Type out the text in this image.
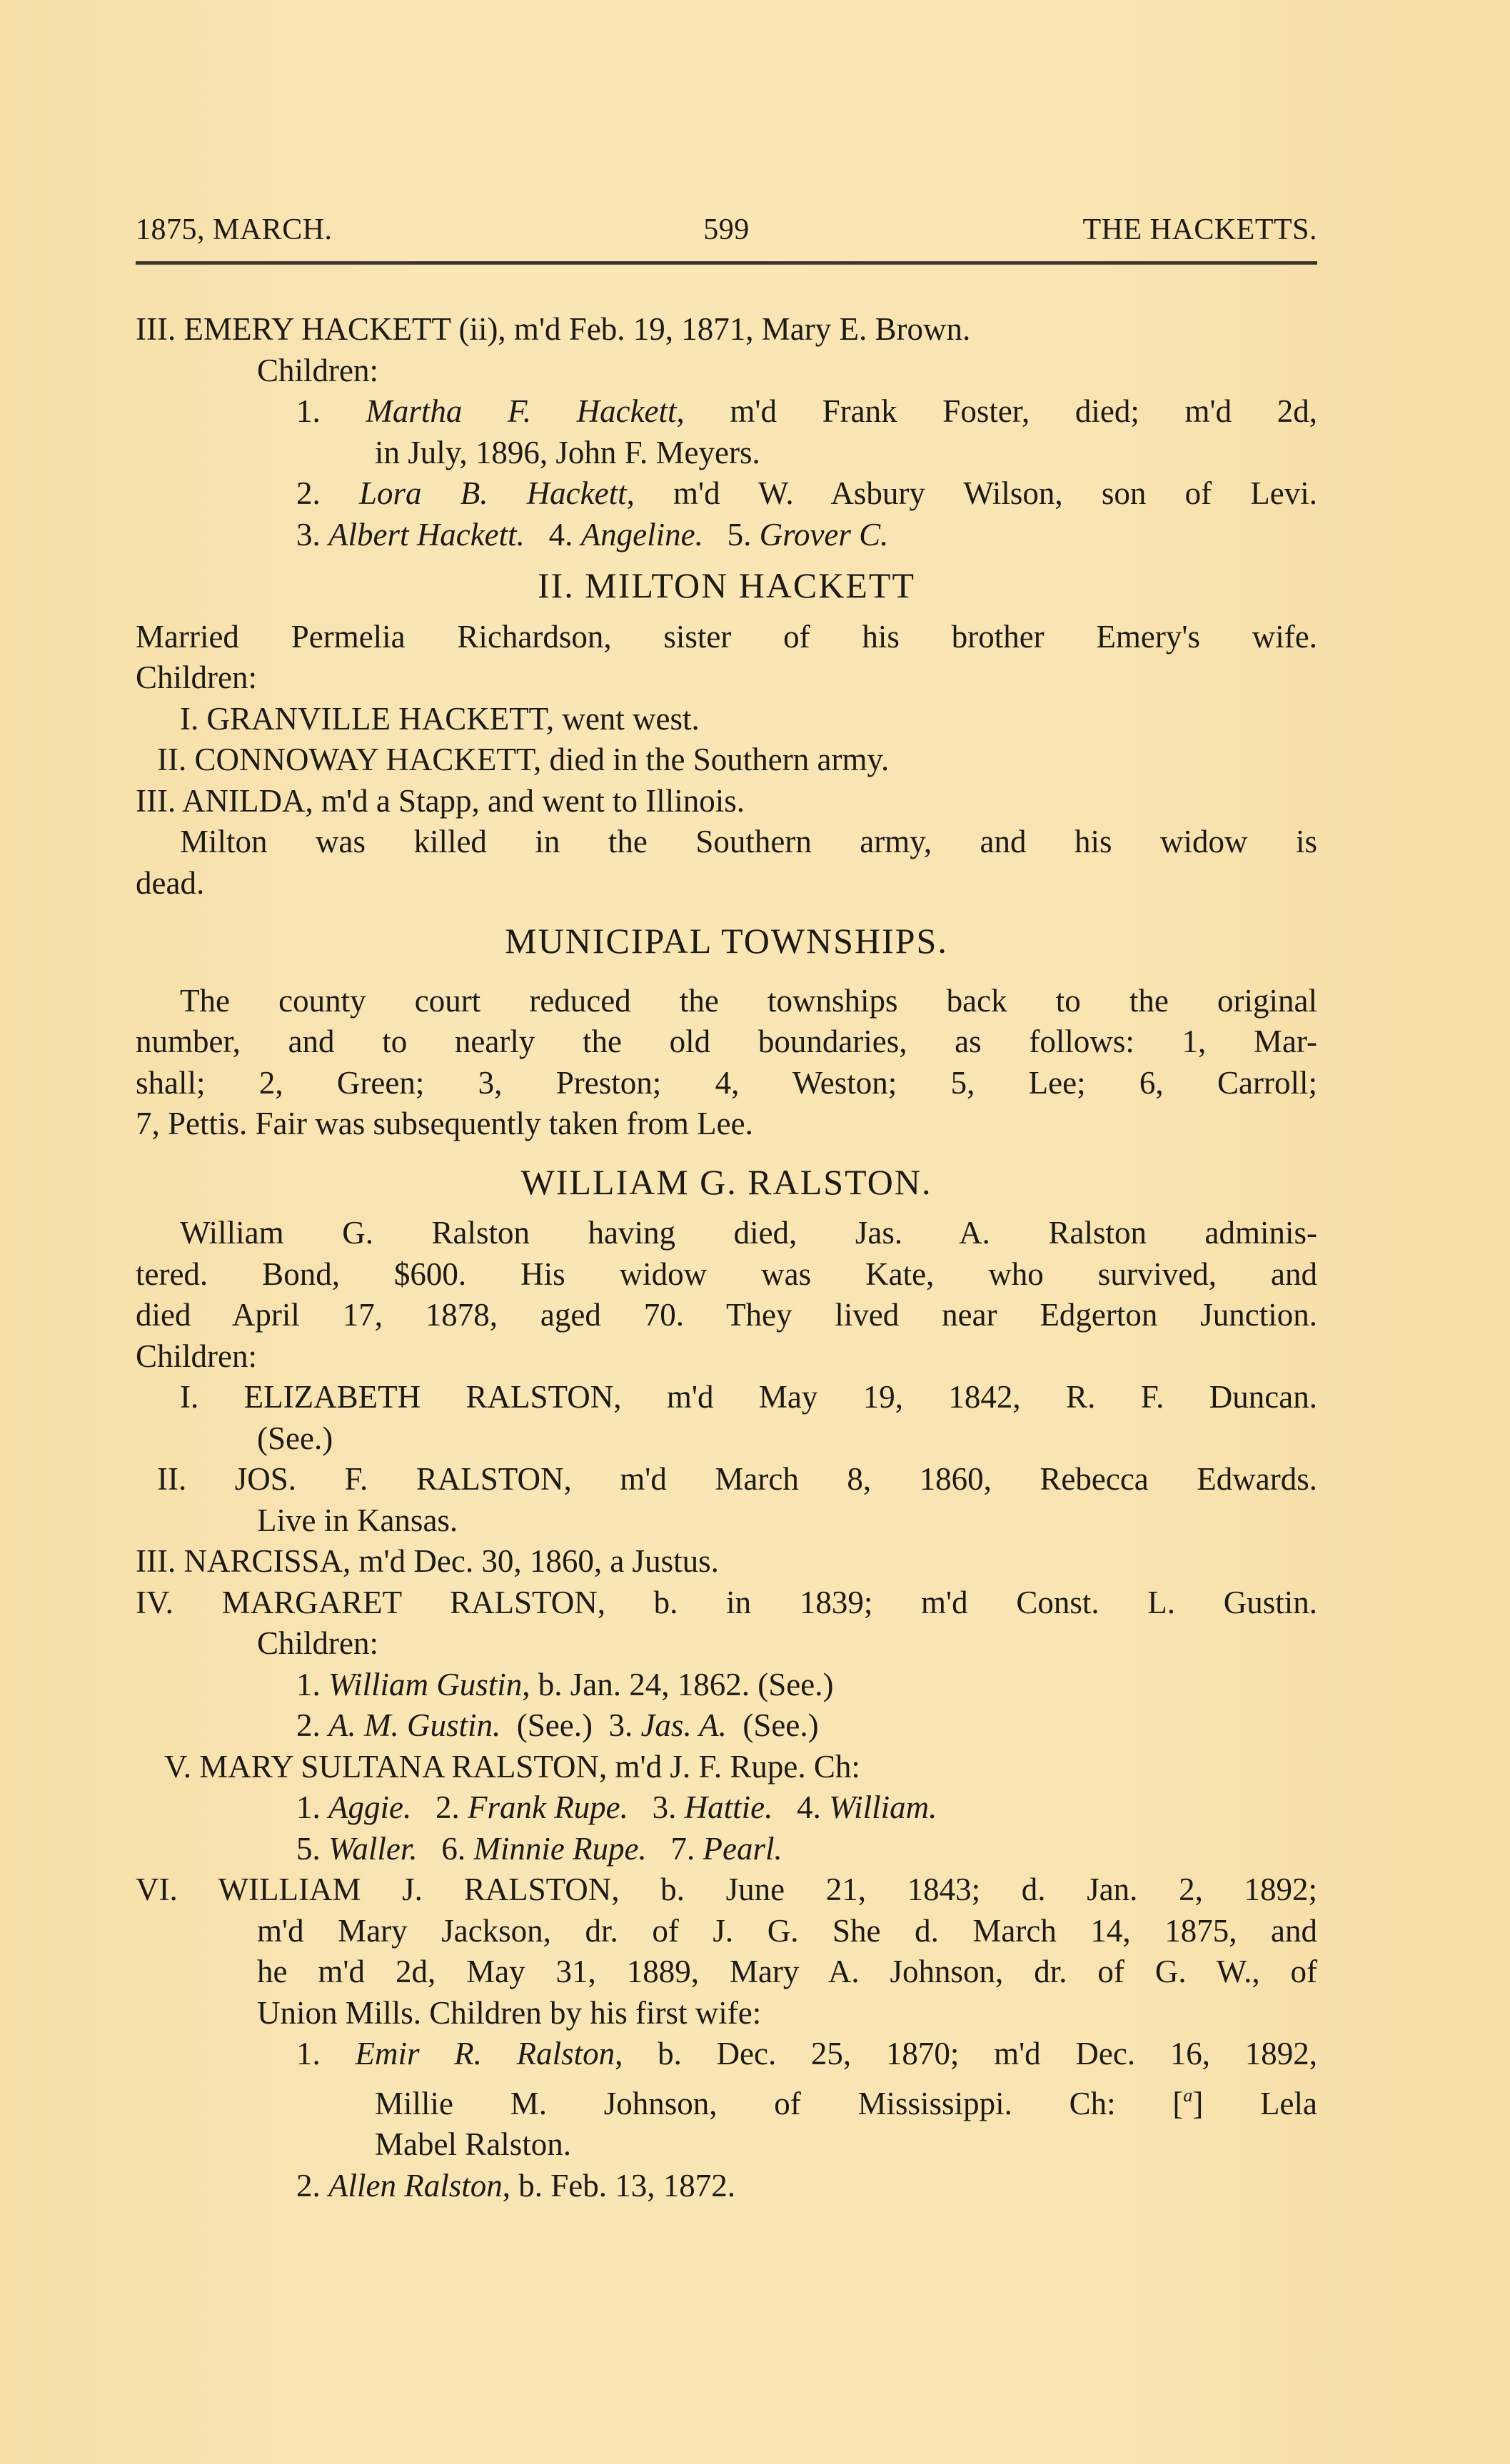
1875, MARCH.	599	THE HACKETTS.
III. EMERY HACKETT (ii), m'd Feb. 19, 1871, Mary E. Brown.
Children:
1. Martha F. Hackett, m'd Frank Foster, died; m'd 2d,
in July, 1896, John F. Meyers.
2. Lora B. Hackett, m'd W. Asbury Wilson, son of Levi.
3. Albert Hackett. 4. Angeline. 5. Grover C.
II. MILTON HACKETT
Married Permelia Richardson, sister of his brother Emery's wife.
Children:
I. GRANVILLE HACKETT, went west.
II. CONNOWAY HACKETT, died in the Southern army.
III. ANILDA, m'd a Stapp, and went to Illinois.
Milton was killed in the Southern army, and his widow is
dead.
MUNICIPAL TOWNSHIPS.
The county court reduced the townships back to the original
number, and to nearly the old boundaries, as follows: 1, Mar-
shall; 2, Green; 3, Preston; 4, Weston; 5, Lee; 6, Carroll;
7, Pettis. Fair was subsequently taken from Lee.
WILLIAM G. RALSTON.
William G. Ralston having died, Jas. A. Ralston adminis-
tered. Bond, $600. His widow was Kate, who survived, and
died April 17, 1878, aged 70. They lived near Edgerton Junction.
Children:
I. ELIZABETH RALSTON, m'd May 19, 1842, R. F. Duncan.
(See.)
II. JOS. F. RALSTON, m'd March 8, 1860, Rebecca Edwards.
Live in Kansas.
III. NARCISSA, m'd Dec. 30, 1860, a Justus.
IV. MARGARET RALSTON, b. in 1839; m'd Const. L. Gustin.
Children:
1. William Gustin, b. Jan. 24, 1862. (See.)
2. A. M. Gustin. (See.) 3. Jas. A. (See.)
V. MARY SULTANA RALSTON, m'd J. F. Rupe. Ch:
1. Aggie. 2. Frank Rupe. 3. Hattie. 4. William.
5. Waller. 6. Minnie Rupe. 7. Pearl.
VI. WILLIAM J. RALSTON, b. June 21, 1843; d. Jan. 2, 1892;
m'd Mary Jackson, dr. of J. G. She d. March 14, 1875, and
he m'd 2d, May 31, 1889, Mary A. Johnson, dr. of G. W., of
Union Mills. Children by his first wife:
1. Emir R. Ralston, b. Dec. 25, 1870; m'd Dec. 16, 1892,
Millie M. Johnson, of Mississippi. Ch: [$^a$] Lela
Mabel Ralston.
2. Allen Ralston, b. Feb. 13, 1872.
